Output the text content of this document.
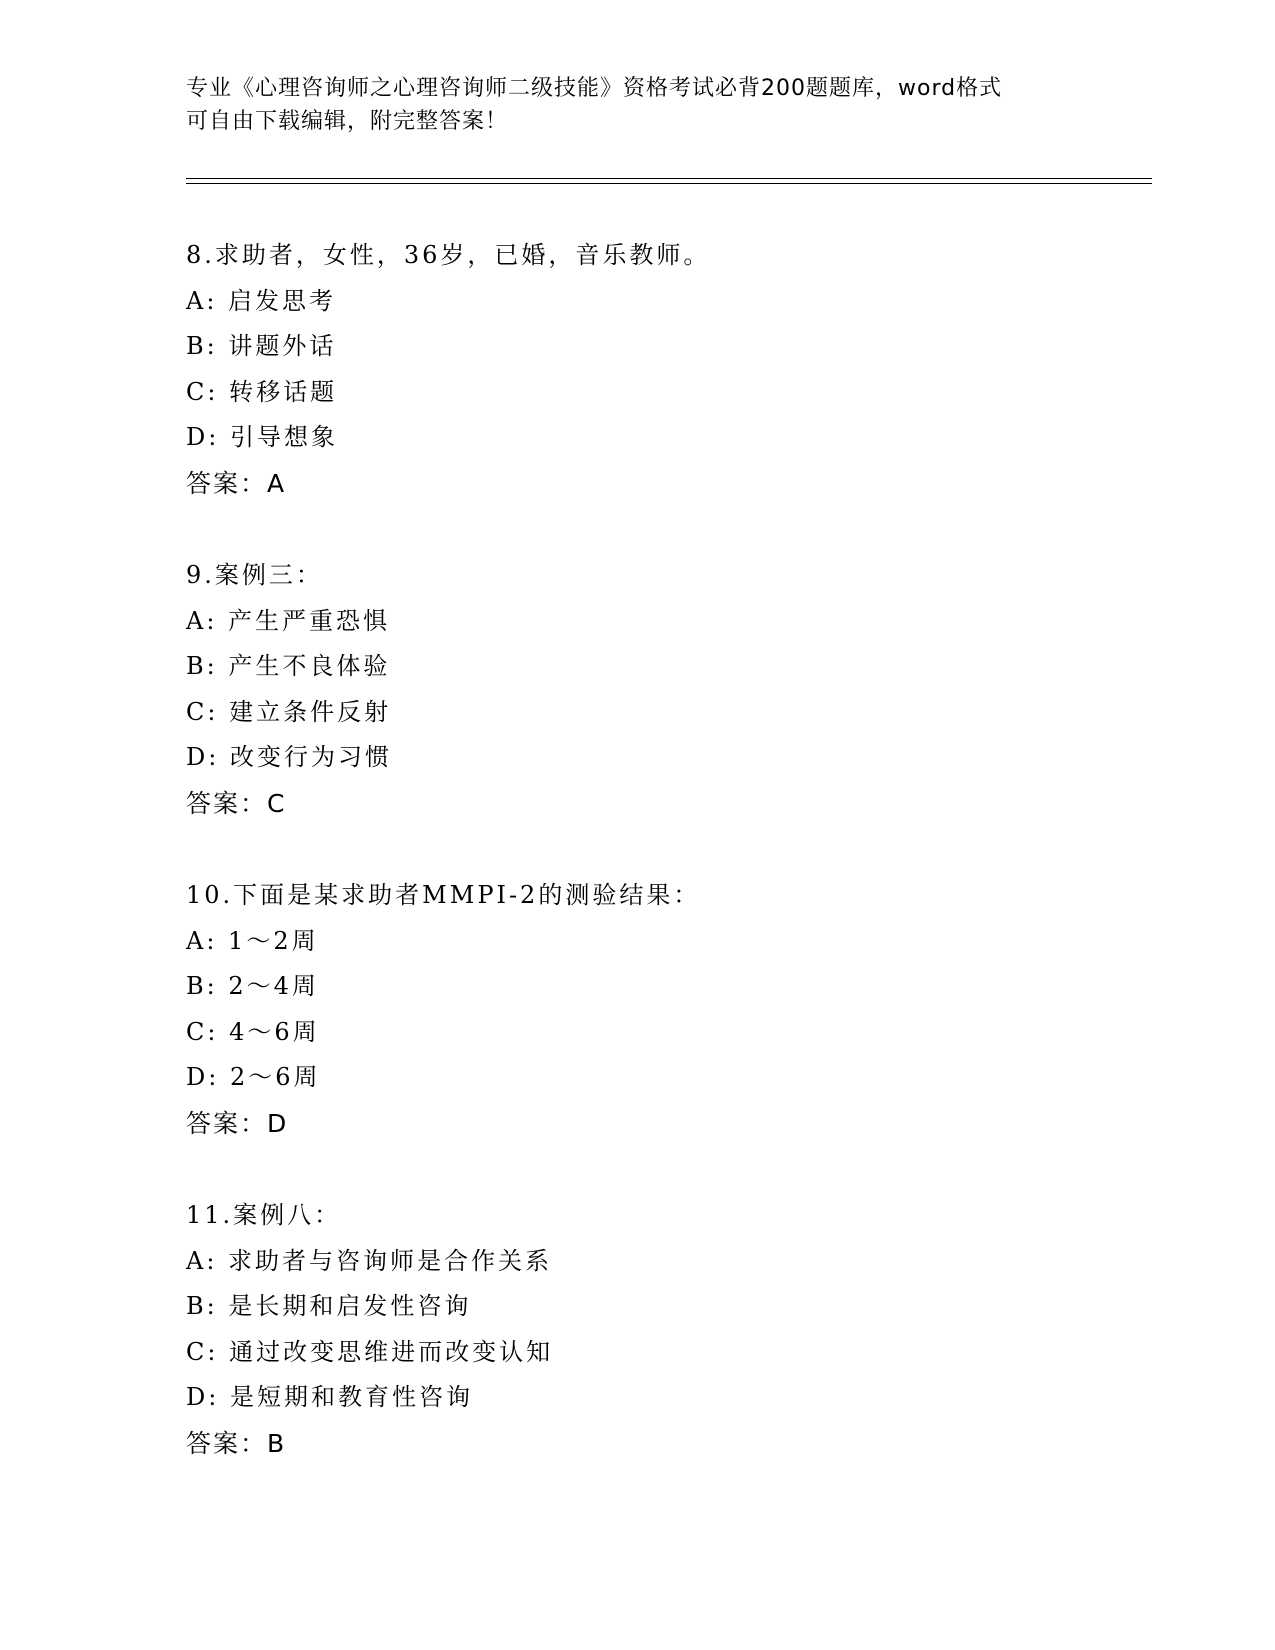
专业《心理咨询师之心理咨询师二级技能》资格考试必背200题题库，word格式
可自由下载编辑，附完整答案！
8.求助者，女性，36岁，已婚，音乐教师。
A: 启发思考
B: 讲题外话
C: 转移话题
D: 引导想象
答案：A
9.案例三：
A: 产生严重恐惧
B: 产生不良体验
C: 建立条件反射
D: 改变行为习惯
答案：C
10.下面是某求助者MMPI-2的测验结果：
A: 1～2周
B: 2～4周
C: 4～6周
D: 2～6周
答案：D
11.案例八：
A: 求助者与咨询师是合作关系
B: 是长期和启发性咨询
C: 通过改变思维进而改变认知
D: 是短期和教育性咨询
答案：B
